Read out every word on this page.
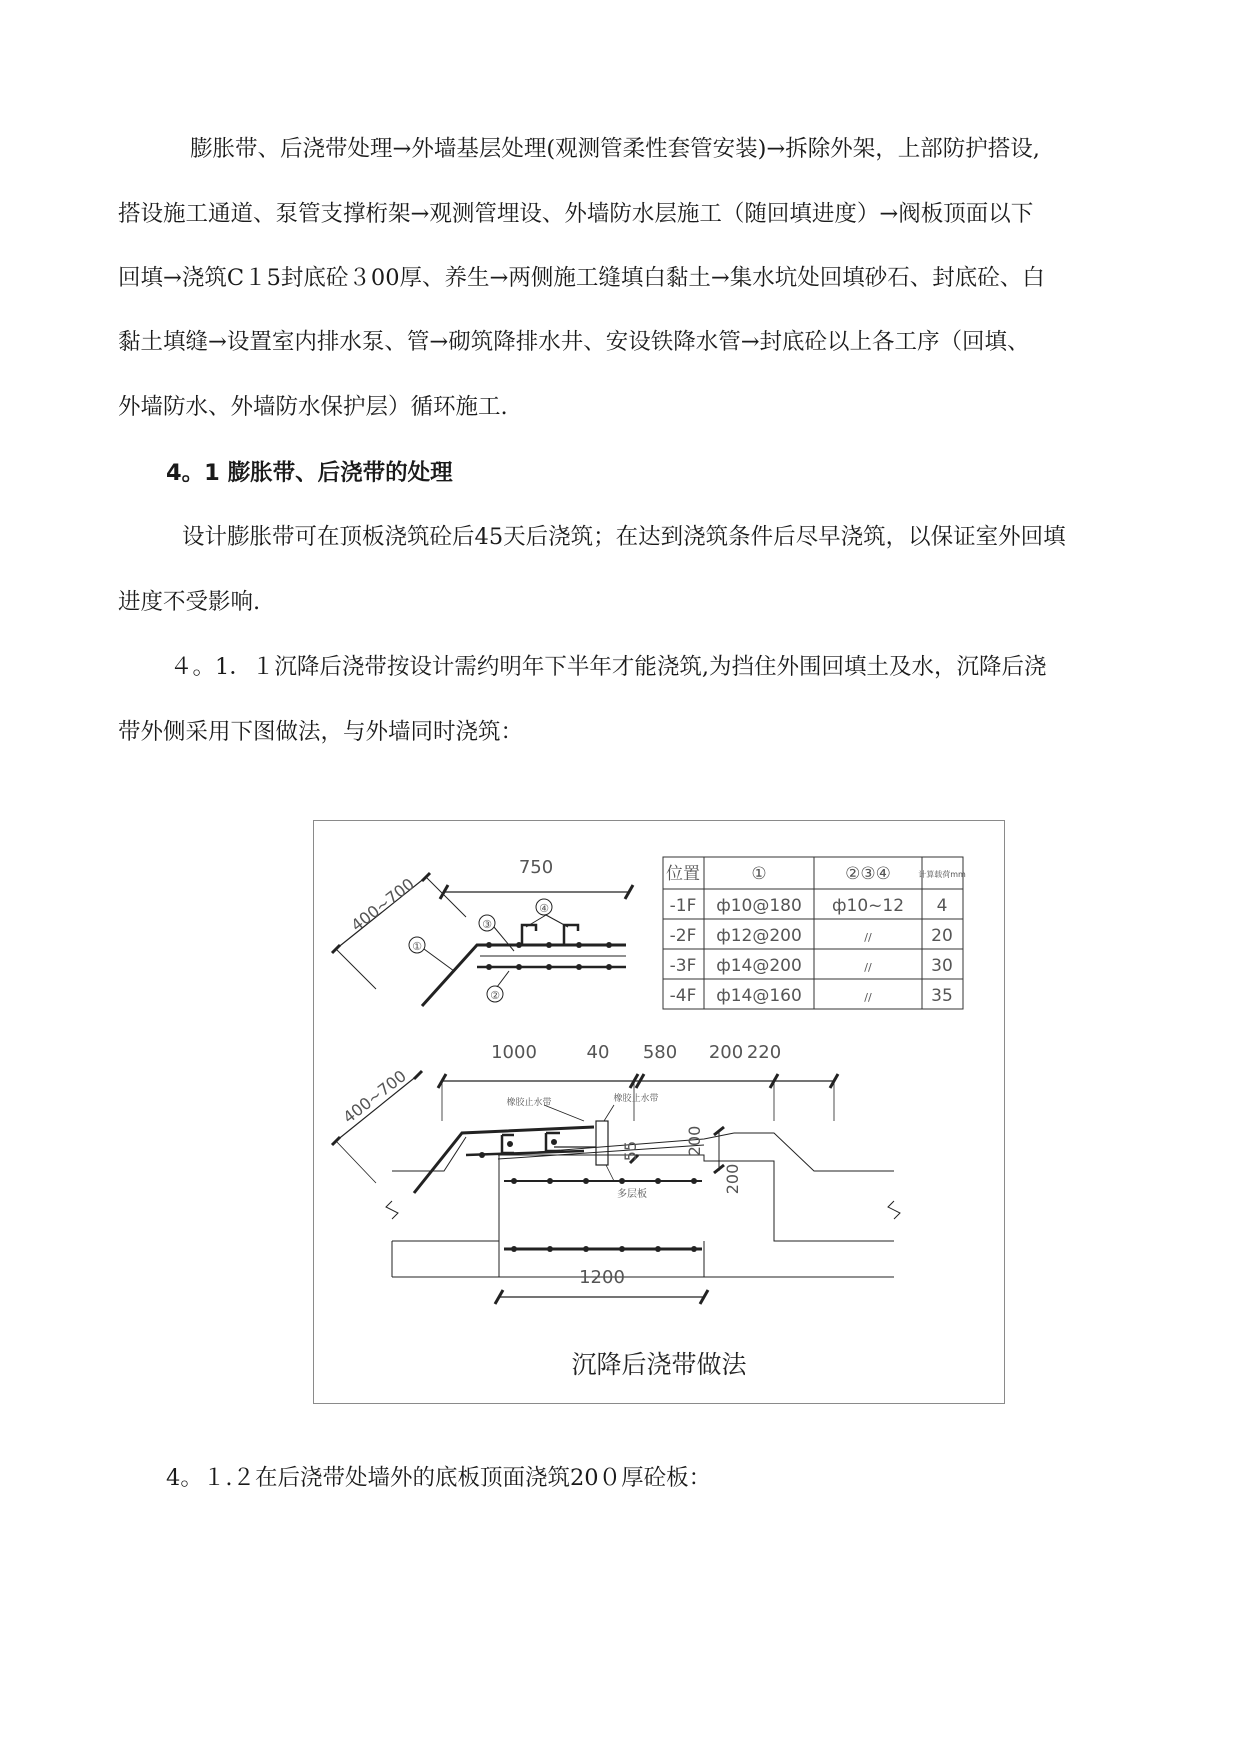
膨胀带、后浇带处理→外墙基层处理(观测管柔性套管安装)→拆除外架，上部防护搭设,
搭设施工通道、泵管支撑桁架→观测管埋设、外墙防水层施工（随回填进度）→阀板顶面以下
回填→浇筑C１5封底砼３00厚、养生→两侧施工缝填白黏土→集水坑处回填砂石、封底砼、白
黏土填缝→设置室内排水泵、管→砌筑降排水井、安设铁降水管→封底砼以上各工序（回填、
外墙防水、外墙防水保护层）循环施工.
4。1 膨胀带、后浇带的处理
设计膨胀带可在顶板浇筑砼后45天后浇筑；在达到浇筑条件后尽早浇筑，以保证室外回填
进度不受影响.
４。1．１沉降后浇带按设计需约明年下半年才能浇筑,为挡住外围回填土及水，沉降后浇
带外侧采用下图做法，与外墙同时浇筑：
750
400~700
①
②
③
④
位置	①	②③④	计算载荷mm
-1F ф10@180 ф10~12 4
-2F ф12@200	//	20
-3F ф14@200	//	30
-4F ф14@160	//	35
1000	40 580 200 220
400~700	橡胶止水带	橡胶止水带
55	200
200
多层板
1200
沉降后浇带做法
4。１.２在后浇带处墙外的底板顶面浇筑20０厚砼板：
